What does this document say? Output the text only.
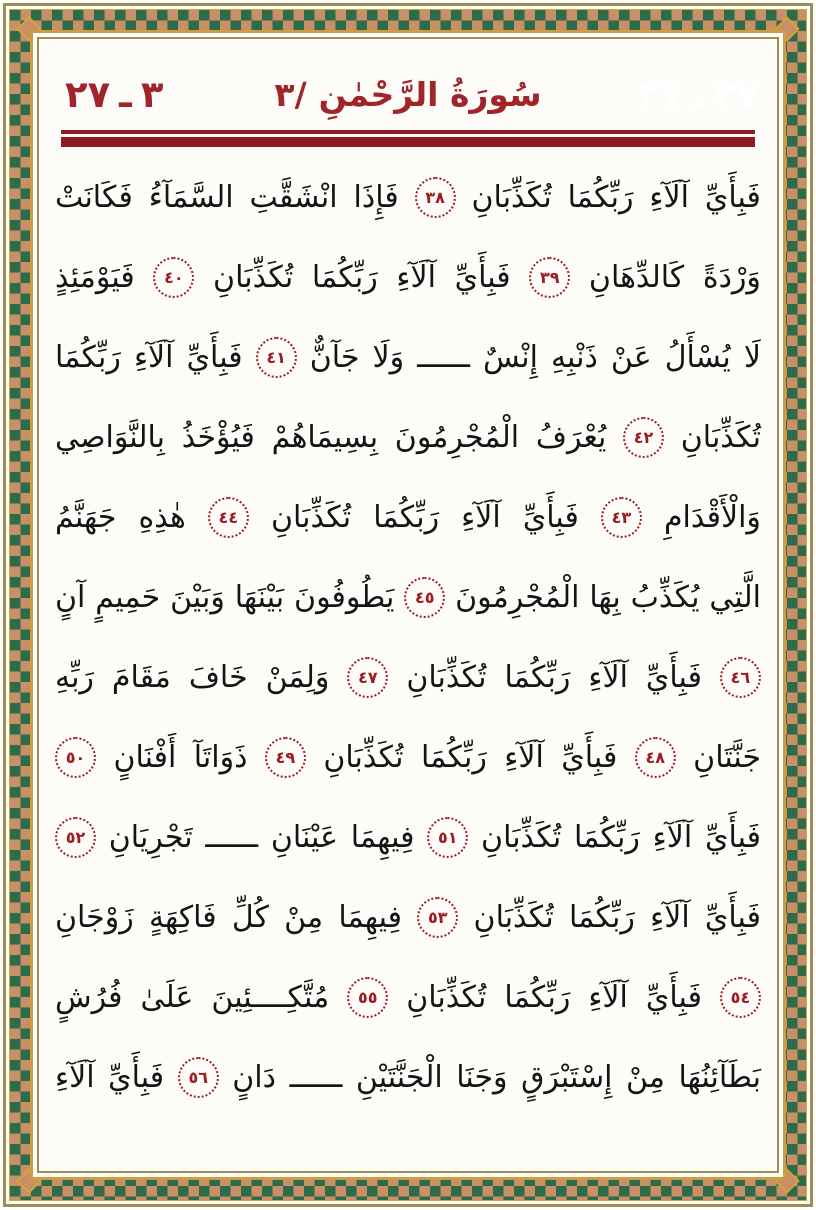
٢٧ ـ ٣	٣/ سُورَةُ الرَّحْمٰنِ	٢٧ ـ ٢٧
فَبِأَيِّ
آلَآءِ
رَبِّكُمَا
تُكَذِّبَانِ
٣٨
فَإِذَا
انْشَقَّتِ
السَّمَآءُ
فَكَانَتْ
وَرْدَةً
كَالدِّهَانِ
٣٩
فَبِأَيِّ
آلَآءِ
رَبِّكُمَا
تُكَذِّبَانِ
٤٠
فَيَوْمَئِذٍ
لَا
يُسْأَلُ
عَنْ
ذَنْبِهِ
إِنْسٌ
ــــــ
وَلَا
جَآنٌّ
٤١
فَبِأَيِّ
آلَآءِ
رَبِّكُمَا
تُكَذِّبَانِ
٤٢
يُعْرَفُ
الْمُجْرِمُونَ
بِسِيمَاهُمْ
فَيُؤْخَذُ
بِالنَّوَاصِي
وَالْأَقْدَامِ
٤٣
فَبِأَيِّ
آلَآءِ
رَبِّكُمَا
تُكَذِّبَانِ
٤٤
هٰذِهِ
جَهَنَّمُ
الَّتِي
يُكَذِّبُ
بِهَا
الْمُجْرِمُونَ
٤٥
يَطُوفُونَ
بَيْنَهَا
وَبَيْنَ
حَمِيمٍ
آنٍ
٤٦
فَبِأَيِّ
آلَآءِ
رَبِّكُمَا
تُكَذِّبَانِ
٤٧
وَلِمَنْ
خَافَ
مَقَامَ
رَبِّهِ
جَنَّتَانِ
٤٨
فَبِأَيِّ
آلَآءِ
رَبِّكُمَا
تُكَذِّبَانِ
٤٩
ذَوَاتَآ
أَفْنَانٍ
٥٠
فَبِأَيِّ
آلَآءِ
رَبِّكُمَا
تُكَذِّبَانِ
٥١
فِيهِمَا
عَيْنَانِ
ــــــ
تَجْرِيَانِ
٥٢
فَبِأَيِّ
آلَآءِ
رَبِّكُمَا
تُكَذِّبَانِ
٥٣
فِيهِمَا
مِنْ
كُلِّ
فَاكِهَةٍ
زَوْجَانِ
٥٤
فَبِأَيِّ
آلَآءِ
رَبِّكُمَا
تُكَذِّبَانِ
٥٥
مُتَّكِــــئِينَ
عَلَىٰ
فُرُشٍ
بَطَآئِنُهَا
مِنْ
إِسْتَبْرَقٍ
وَجَنَا
الْجَنَّتَيْنِ
ــــــ
دَانٍ
٥٦
فَبِأَيِّ
آلَآءِ
